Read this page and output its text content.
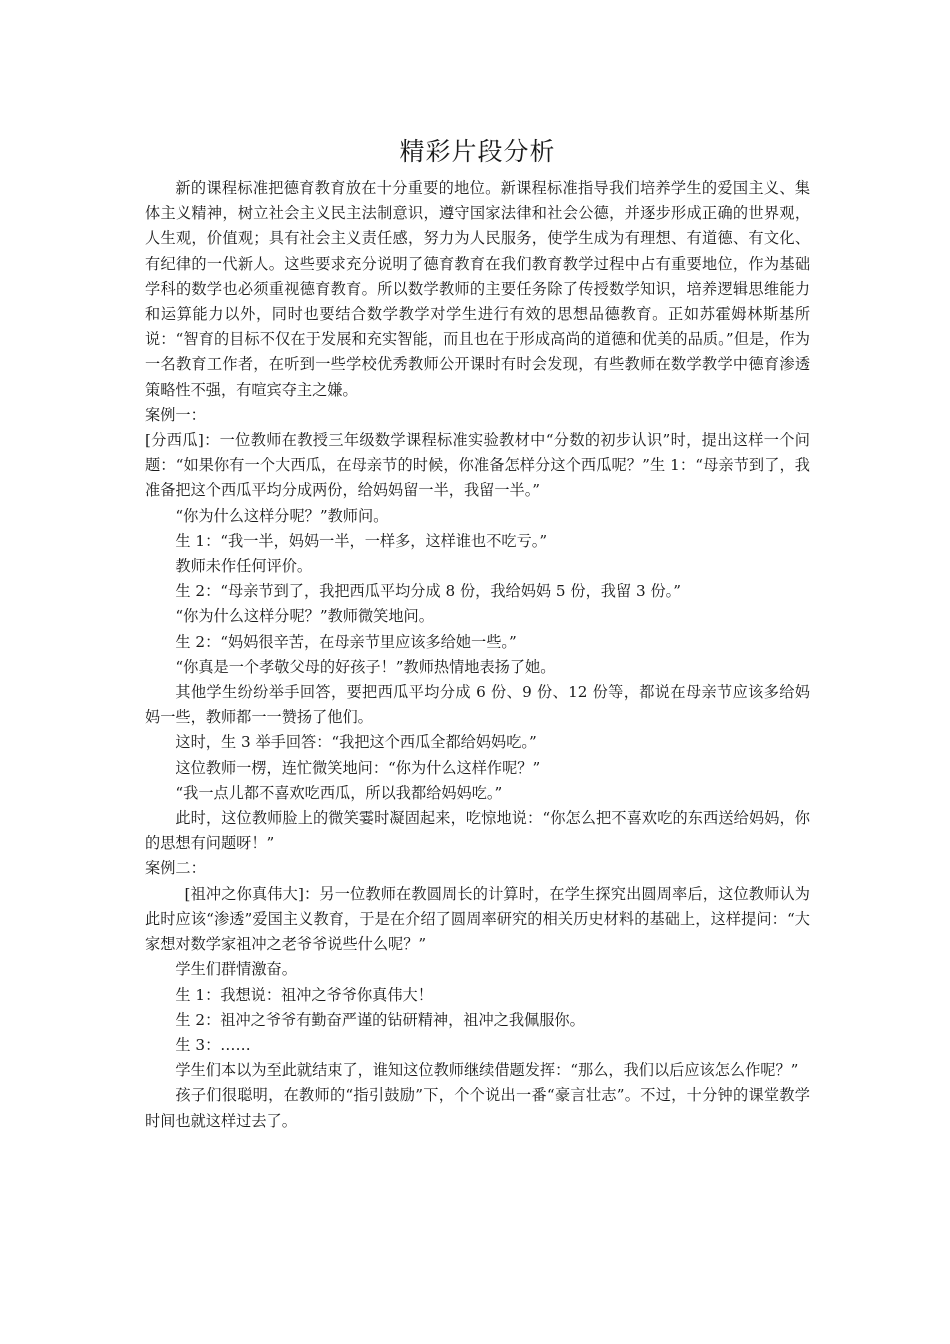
精彩片段分析

新的课程标准把德育教育放在十分重要的地位。新课程标准指导我们培养学生的爱国主义、集体主义精神，树立社会主义民主法制意识，遵守国家法律和社会公德，并逐步形成正确的世界观，人生观，价值观；具有社会主义责任感，努力为人民服务，使学生成为有理想、有道德、有文化、有纪律的一代新人。这些要求充分说明了德育教育在我们教育教学过程中占有重要地位，作为基础学科的数学也必须重视德育教育。所以数学教师的主要任务除了传授数学知识，培养逻辑思维能力和运算能力以外，同时也要结合数学教学对学生进行有效的思想品德教育。正如苏霍姆林斯基所说：“智育的目标不仅在于发展和充实智能，而且也在于形成高尚的道德和优美的品质。”但是，作为一名教育工作者，在听到一些学校优秀教师公开课时有时会发现，有些教师在数学教学中德育渗透策略性不强，有喧宾夺主之嫌。

案例一：

[分西瓜]：一位教师在教授三年级数学课程标准实验教材中“分数的初步认识”时，提出这样一个问题：“如果你有一个大西瓜，在母亲节的时候，你准备怎样分这个西瓜呢？”生 1：“母亲节到了，我准备把这个西瓜平均分成两份，给妈妈留一半，我留一半。”

“你为什么这样分呢？”教师问。

生 1：“我一半，妈妈一半，一样多，这样谁也不吃亏。”

教师未作任何评价。

生 2：“母亲节到了，我把西瓜平均分成 8 份，我给妈妈 5 份，我留 3 份。”

“你为什么这样分呢？”教师微笑地问。

生 2：“妈妈很辛苦，在母亲节里应该多给她一些。”

“你真是一个孝敬父母的好孩子！”教师热情地表扬了她。

其他学生纷纷举手回答，要把西瓜平均分成 6 份、9 份、12 份等，都说在母亲节应该多给妈妈一些，教师都一一赞扬了他们。

这时，生 3 举手回答：“我把这个西瓜全都给妈妈吃。”

这位教师一楞，连忙微笑地问：“你为什么这样作呢？”

“我一点儿都不喜欢吃西瓜，所以我都给妈妈吃。”

此时，这位教师脸上的微笑霎时凝固起来，吃惊地说：“你怎么把不喜欢吃的东西送给妈妈，你的思想有问题呀！”

案例二：

[祖冲之你真伟大]：另一位教师在教圆周长的计算时，在学生探究出圆周率后，这位教师认为此时应该“渗透”爱国主义教育，于是在介绍了圆周率研究的相关历史材料的基础上，这样提问：“大家想对数学家祖冲之老爷爷说些什么呢？”

学生们群情激奋。

生 1：我想说：祖冲之爷爷你真伟大！

生 2：祖冲之爷爷有勤奋严谨的钻研精神，祖冲之我佩服你。

生 3：……

学生们本以为至此就结束了，谁知这位教师继续借题发挥：“那么，我们以后应该怎么作呢？”

孩子们很聪明，在教师的“指引鼓励”下，个个说出一番“豪言壮志”。不过，十分钟的课堂教学时间也就这样过去了。
